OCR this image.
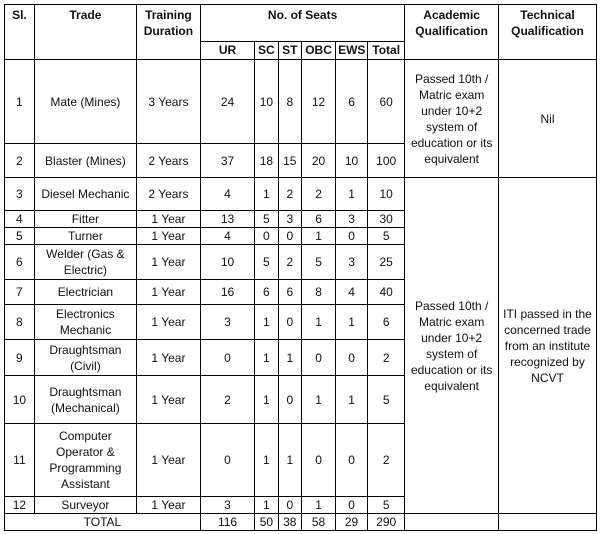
Sl.	Trade	Training Duration	No. of Seats						Academic Qualification	Technical Qualification
			UR	SC	ST	OBC	EWS	Total		
1	Mate (Mines)	3 Years	24	10	8	12	6	60	Passed 10th / Matric exam under 10+2 system of education or its equivalent	Nil
2	Blaster (Mines)	2 Years	37	18	15	20	10	100		
3	Diesel Mechanic	2 Years	4	1	2	2	1	10	Passed 10th / Matric exam under 10+2 system of education or its equivalent	ITI passed in the concerned trade from an institute recognized by NCVT
4	Fitter	1 Year	13	5	3	6	3	30		
5	Turner	1 Year	4	0	0	1	0	5		
6	Welder (Gas & Electric)	1 Year	10	5	2	5	3	25		
7	Electrician	1 Year	16	6	6	8	4	40		
8	Electronics Mechanic	1 Year	3	1	0	1	1	6		
9	Draughtsman (Civil)	1 Year	0	1	1	0	0	2		
10	Draughtsman (Mechanical)	1 Year	2	1	0	1	1	5		
11	Computer Operator & Programming Assistant	1 Year	0	1	1	0	0	2		
12	Surveyor	1 Year	3	1	0	1	0	5		
TOTAL			116	50	38	58	29	290		
